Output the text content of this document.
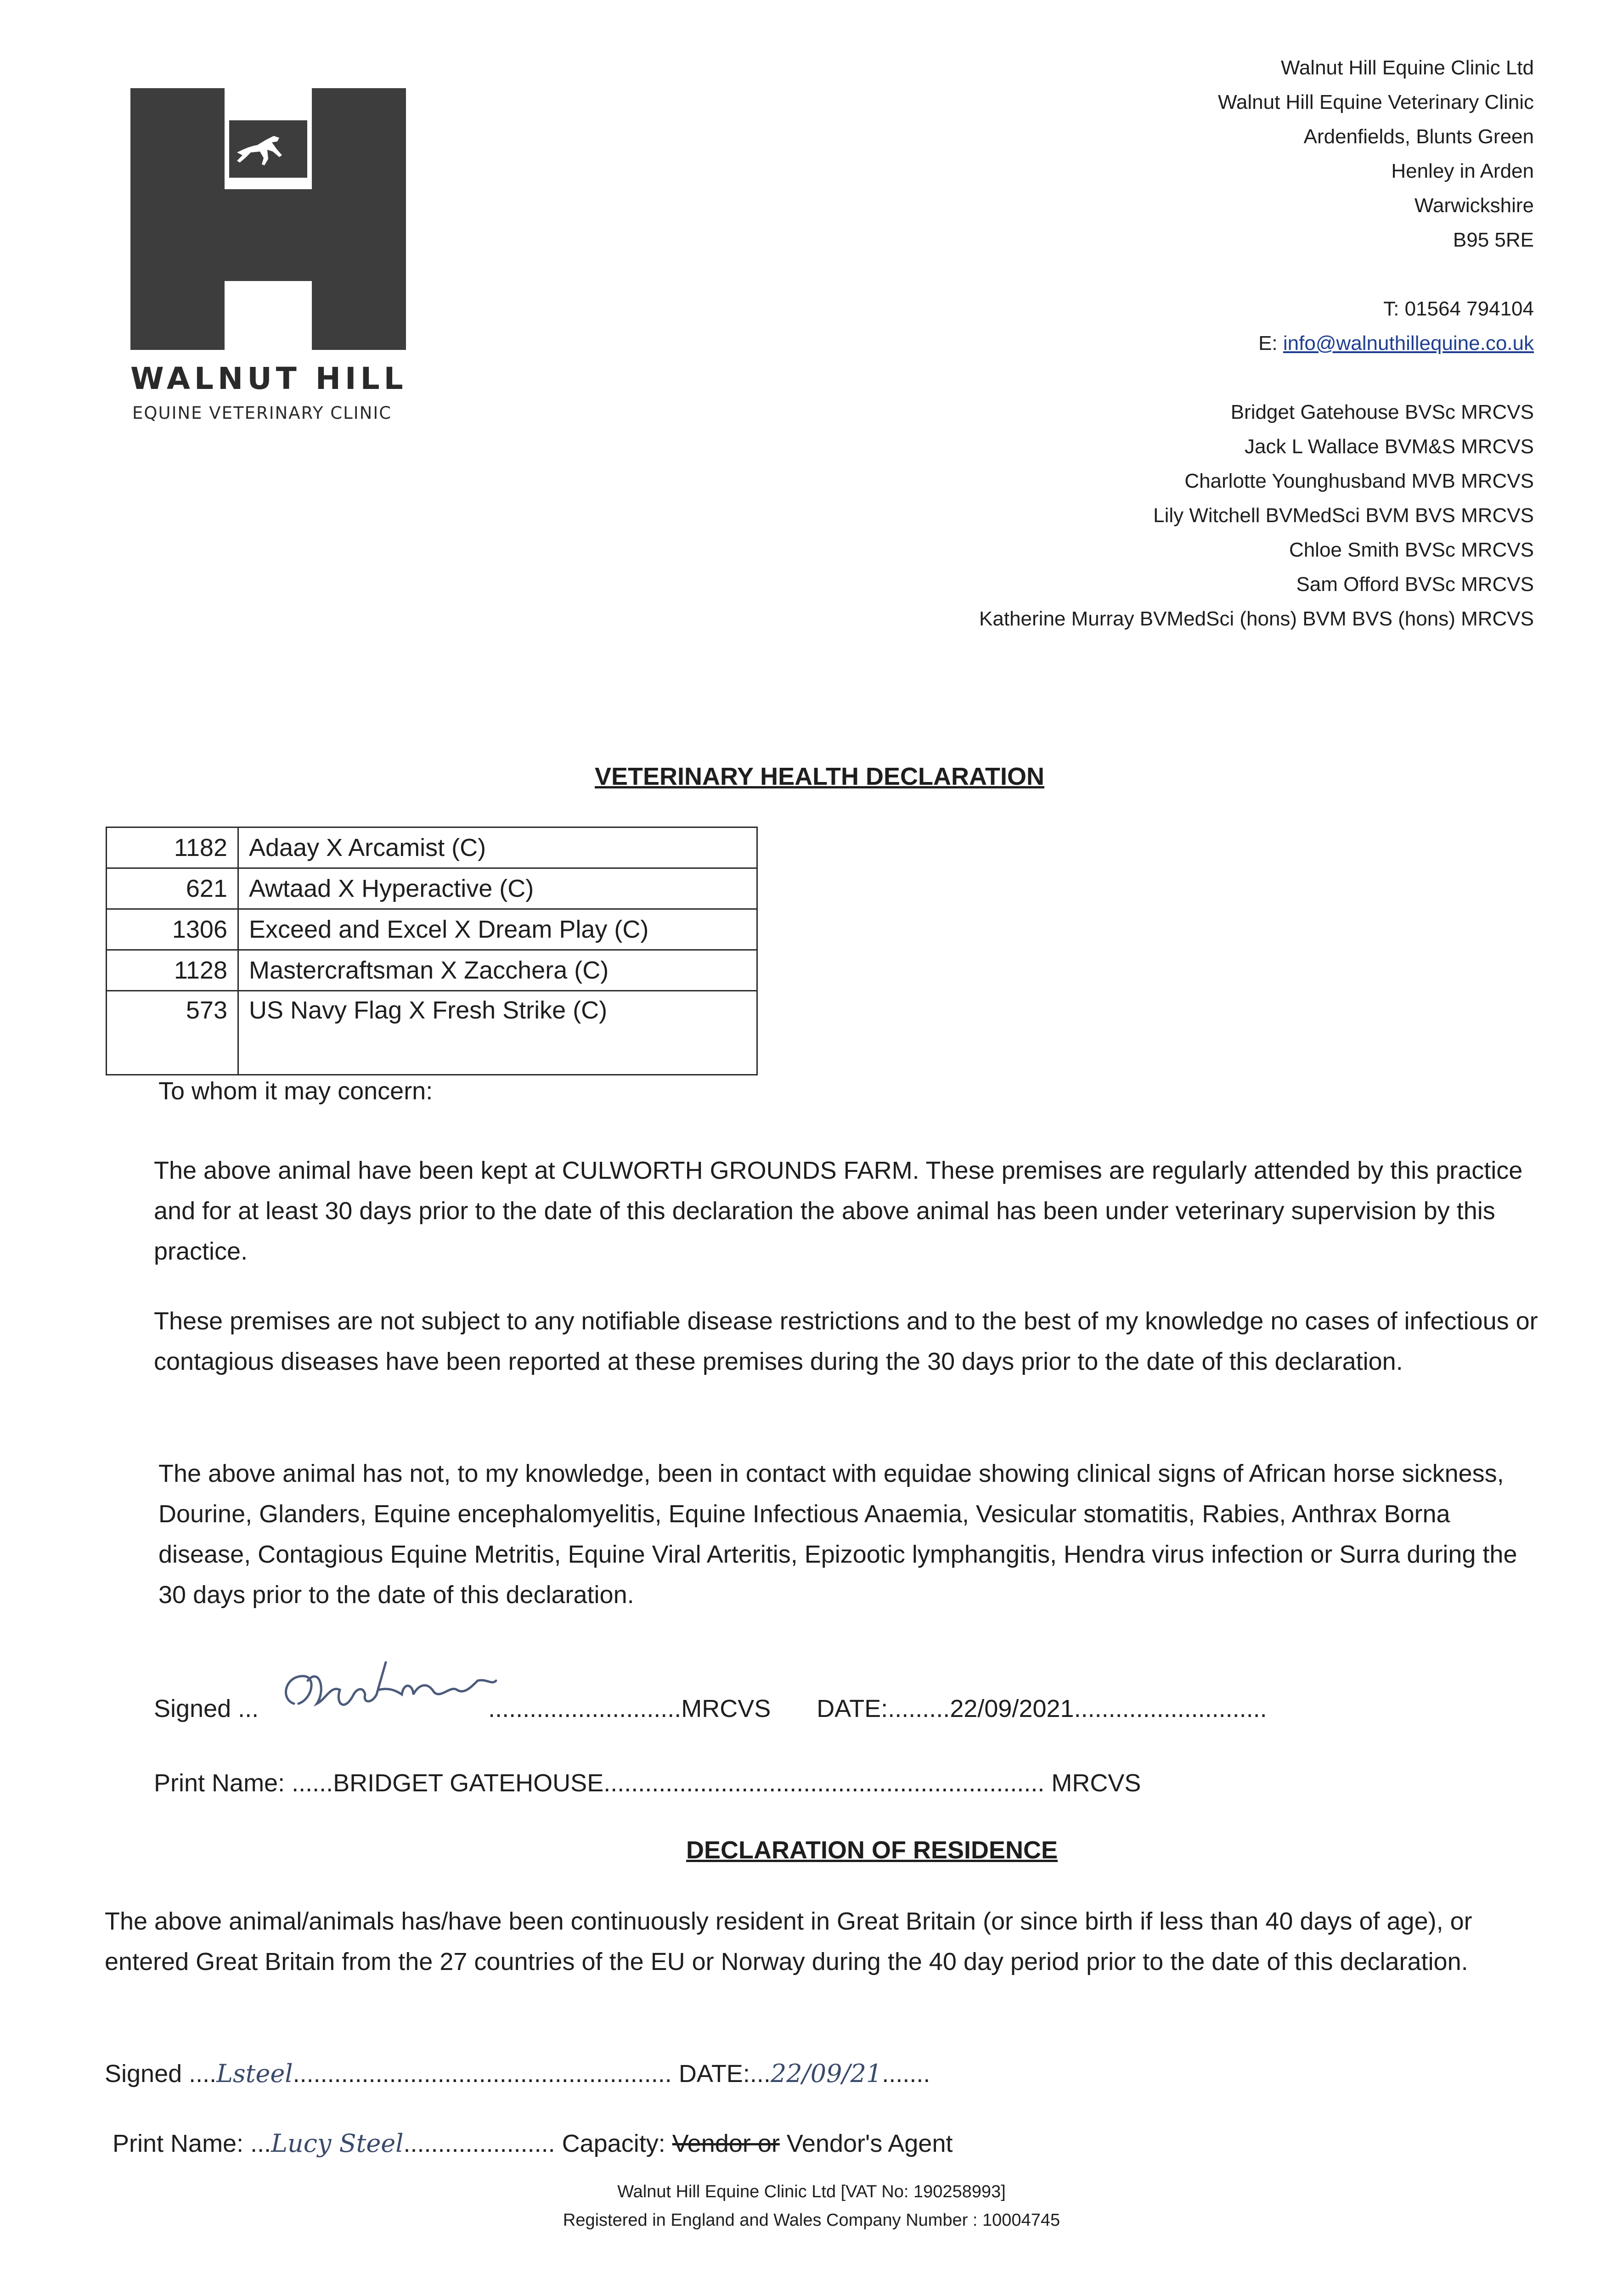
WALNUT HILL
EQUINE VETERINARY CLINIC
Walnut Hill Equine Clinic Ltd
Walnut Hill Equine Veterinary Clinic
Ardenfields, Blunts Green
Henley in Arden
Warwickshire
B95 5RE
T: 01564 794104
E: info@walnuthillequine.co.uk
Bridget Gatehouse BVSc MRCVS
Jack L Wallace BVM&S MRCVS
Charlotte Younghusband MVB MRCVS
Lily Witchell BVMedSci BVM BVS MRCVS
Chloe Smith BVSc MRCVS
Sam Offord BVSc MRCVS
Katherine Murray BVMedSci (hons) BVM BVS (hons) MRCVS
VETERINARY HEALTH DECLARATION
1182	Adaay X Arcamist (C)
621	Awtaad X Hyperactive (C)
1306	Exceed and Excel X Dream Play (C)
1128	Mastercraftsman X Zacchera (C)
573	US Navy Flag X Fresh Strike (C)
To whom it may concern:
The above animal have been kept at CULWORTH GROUNDS FARM. These premises are regularly attended by this practice and for at least 30 days prior to the date of this declaration the above animal has been under veterinary supervision by this practice.
These premises are not subject to any notifiable disease restrictions and to the best of my knowledge no cases of infectious or contagious diseases have been reported at these premises during the 30 days prior to the date of this declaration.
The above animal has not, to my knowledge, been in contact with equidae showing clinical signs of African horse sickness, Dourine, Glanders, Equine encephalomyelitis, Equine Infectious Anaemia, Vesicular stomatitis, Rabies, Anthrax Borna disease, Contagious Equine Metritis, Equine Viral Arteritis, Epizootic lymphangitis, Hendra virus infection or Surra during the 30 days prior to the date of this declaration.
Signed ...	............................MRCVS DATE:.........22/09/2021............................
Print Name: ......BRIDGET GATEHOUSE................................................................ MRCVS
DECLARATION OF RESIDENCE
The above animal/animals has/have been continuously resident in Great Britain (or since birth if less than 40 days of age), or entered Great Britain from the 27 countries of the EU or Norway during the 40 day period prior to the date of this declaration.
Signed ....Lsteel....................................................... DATE:...22/09/21.......
Print Name: ...Lucy Steel...................... Capacity: Vendor or Vendor's Agent
Walnut Hill Equine Clinic Ltd [VAT No: 190258993]
Registered in England and Wales Company Number : 10004745
